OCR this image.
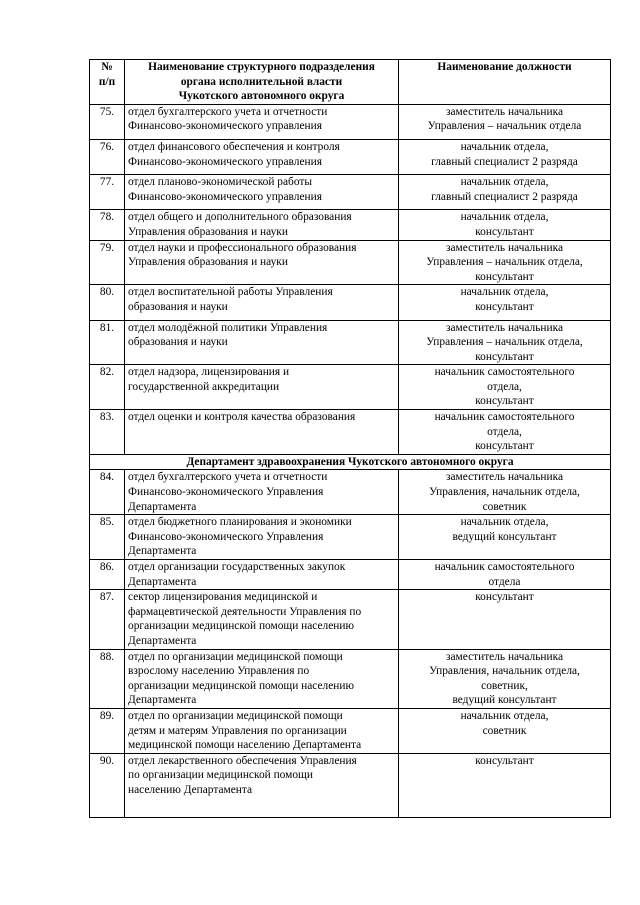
№
п/п	Наименование структурного подразделения
органа исполнительной власти
Чукотского автономного округа	Наименование должности

75.	отдел бухгалтерского учета и отчетности
Финансово-экономического управления	заместитель начальника
Управления – начальник отдела

76.	отдел финансового обеспечения и контроля
Финансово-экономического управления	начальник отдела,
главный специалист 2 разряда

77.	отдел планово-экономической работы
Финансово-экономического управления	начальник отдела,
главный специалист 2 разряда

78.	отдел общего и дополнительного образования
Управления образования и науки	начальник отдела,
консультант

79.	отдел науки и профессионального образования
Управления образования и науки	заместитель начальника
Управления – начальник отдела,
консультант

80.	отдел воспитательной работы Управления
образования и науки	начальник отдела,
консультант

81.	отдел молодёжной политики Управления
образования и науки	заместитель начальника
Управления – начальник отдела,
консультант

82.	отдел надзора, лицензирования и
государственной аккредитации	начальник самостоятельного
отдела,
консультант

83.	отдел оценки и контроля качества образования	начальник самостоятельного
отдела,
консультант

Департамент здравоохранения Чукотского автономного округа		
84.	отдел бухгалтерского учета и отчетности
Финансово-экономического Управления
Департамента	заместитель начальника
Управления, начальник отдела,
советник

85.	отдел бюджетного планирования и экономики
Финансово-экономического Управления
Департамента	начальник отдела,
ведущий консультант

86.	отдел организации государственных закупок
Департамента	начальник самостоятельного
отдела

87.	сектор лицензирования медицинской и
фармацевтической деятельности Управления по
организации медицинской помощи населению
Департамента	консультант

88.	отдел по организации медицинской помощи
взрослому населению Управления по
организации медицинской помощи населению
Департамента	заместитель начальника
Управления, начальник отдела,
советник,
ведущий консультант

89.	отдел по организации медицинской помощи
детям и матерям Управления по организации
медицинской помощи населению Департамента	начальник отдела,
советник

90.	отдел лекарственного обеспечения Управления
по организации медицинской помощи
населению Департамента	консультант
